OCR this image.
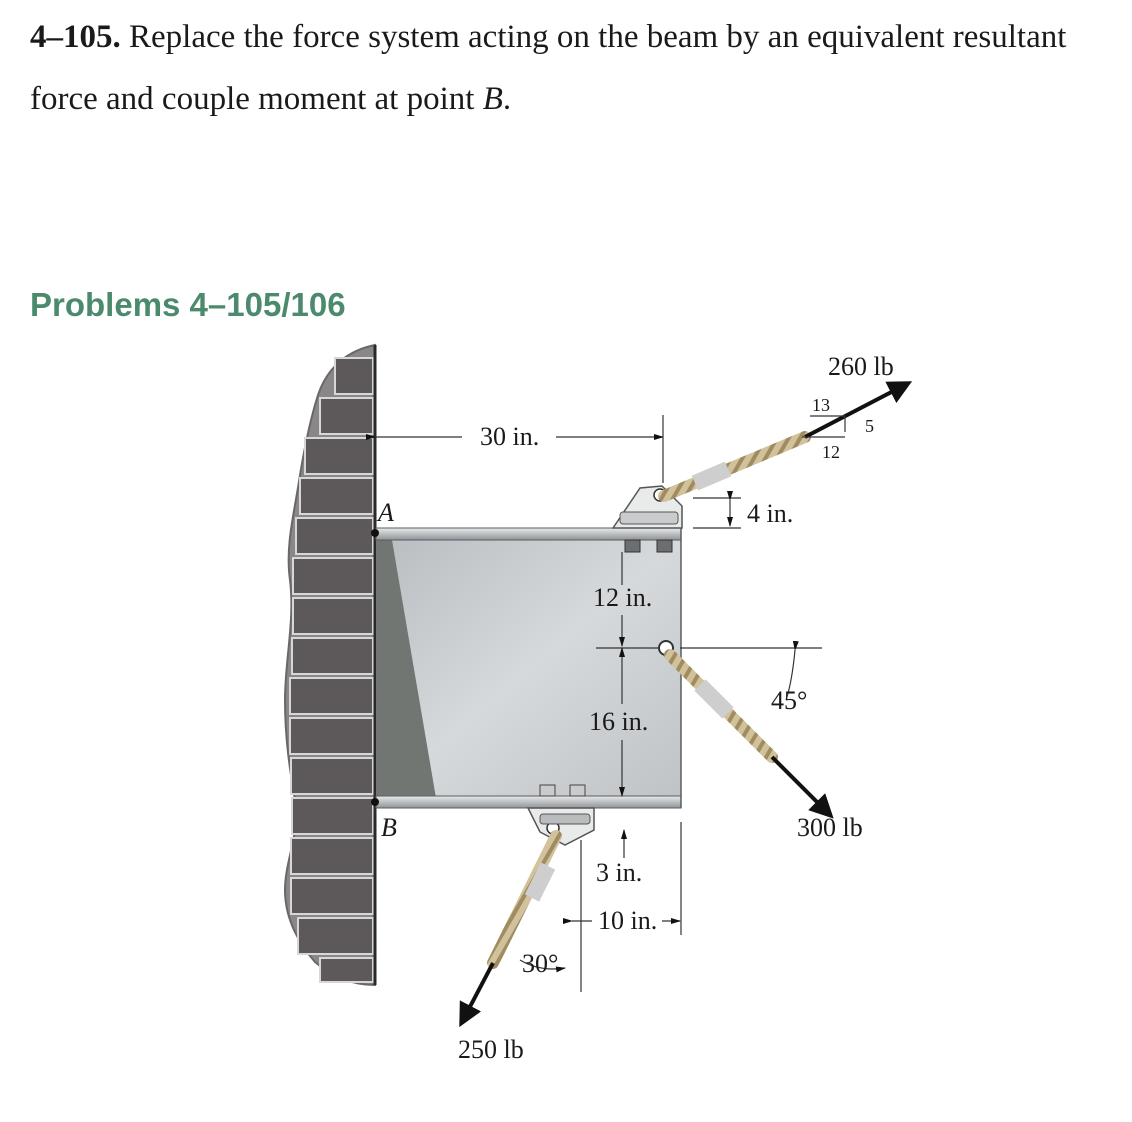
4–105. Replace the force system acting on the beam by an equivalent resultant force and couple moment at point B.

Problems 4–105/106
A
B
30 in.
4 in.
12 in.
16 in.
3 in.
10 in.
260 lb
300 lb
250 lb
45°
30°
13
12
5
